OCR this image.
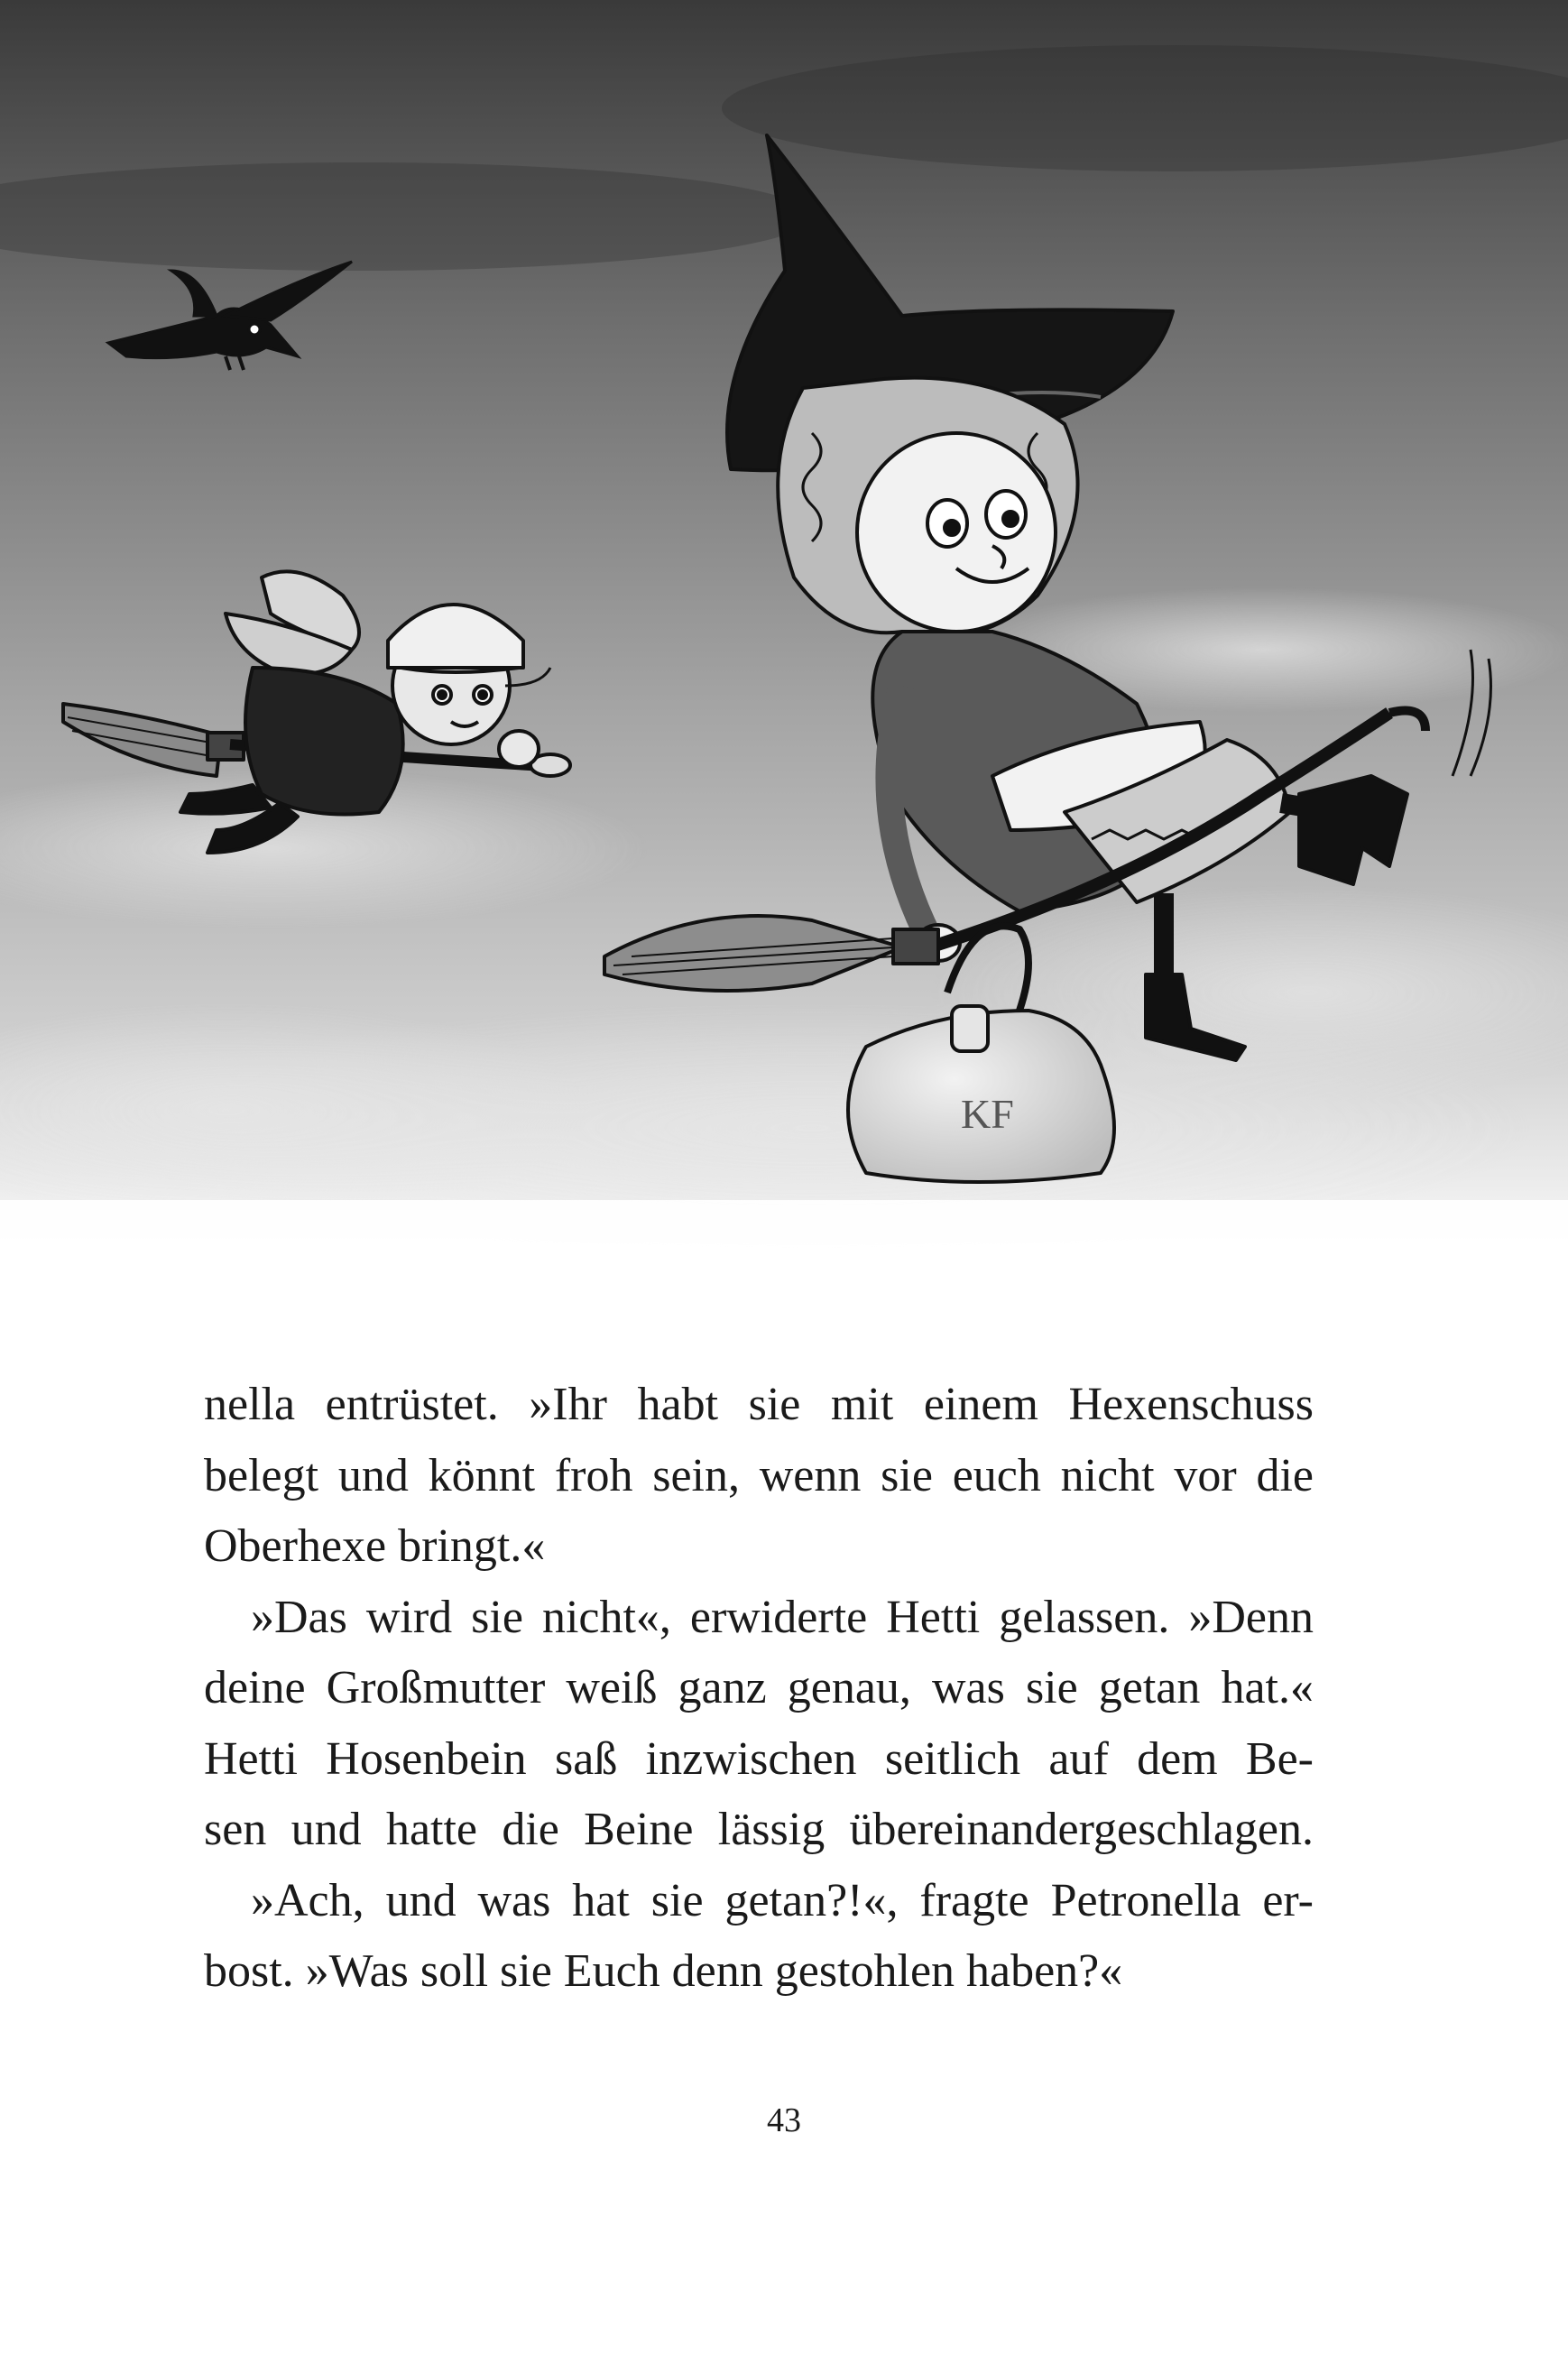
KF
nella entrüstet. »Ihr habt sie mit einem Hexenschuss
belegt und könnt froh sein, wenn sie euch nicht vor die
Oberhexe bringt.«
»Das wird sie nicht«, erwiderte Hetti gelassen. »Denn
deine Großmutter weiß ganz genau, was sie getan hat.«
Hetti Hosenbein saß inzwischen seitlich auf dem Be-
sen und hatte die Beine lässig übereinandergeschlagen.
»Ach, und was hat sie getan?!«, fragte Petronella er-
bost. »Was soll sie Euch denn gestohlen haben?«
43
